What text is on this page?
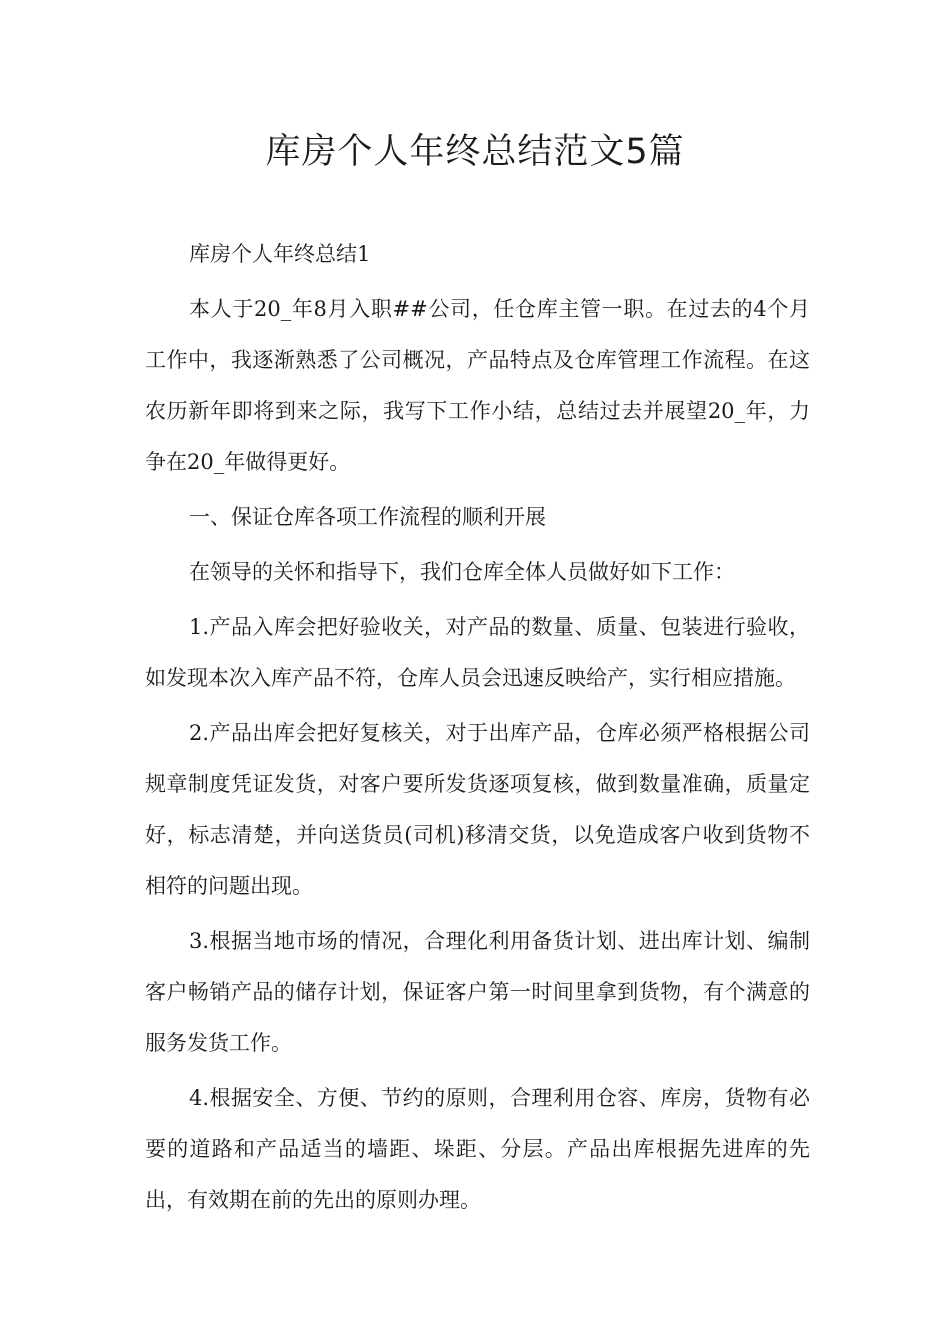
库房个人年终总结范文5篇

库房个人年终总结1

本人于20_年8月入职##公司，任仓库主管一职。在过去的4个月工作中，我逐渐熟悉了公司概况，产品特点及仓库管理工作流程。在这农历新年即将到来之际，我写下工作小结，总结过去并展望20_年，力争在20_年做得更好。

一、保证仓库各项工作流程的顺利开展

在领导的关怀和指导下，我们仓库全体人员做好如下工作：

1.产品入库会把好验收关，对产品的数量、质量、包装进行验收，如发现本次入库产品不符，仓库人员会迅速反映给产，实行相应措施。

2.产品出库会把好复核关，对于出库产品，仓库必须严格根据公司规章制度凭证发货，对客户要所发货逐项复核，做到数量准确，质量定好，标志清楚，并向送货员(司机)移清交货，以免造成客户收到货物不相符的问题出现。

3.根据当地市场的情况，合理化利用备货计划、进出库计划、编制客户畅销产品的储存计划，保证客户第一时间里拿到货物，有个满意的服务发货工作。

4.根据安全、方便、节约的原则，合理利用仓容、库房，货物有必要的道路和产品适当的墙距、垛距、分层。产品出库根据先进库的先出，有效期在前的先出的原则办理。
